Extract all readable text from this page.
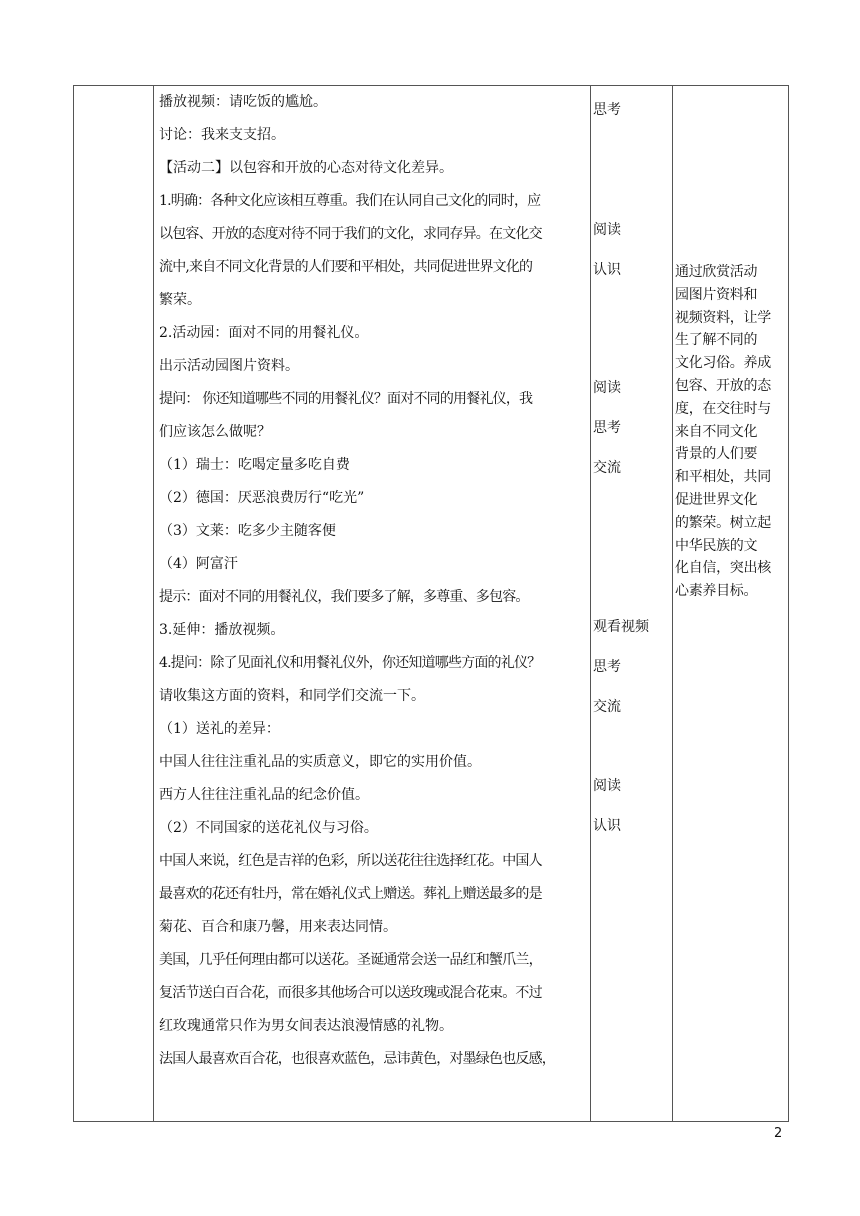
播放视频：请吃饭的尴尬。

讨论：我来支支招。

【活动二】以包容和开放的心态对待文化差异。

1.明确：各种文化应该相互尊重。我们在认同自己文化的同时，应

以包容、开放的态度对待不同于我们的文化，求同存异。在文化交

流中,来自不同文化背景的人们要和平相处，共同促进世界文化的

繁荣。

2.活动园：面对不同的用餐礼仪。

出示活动园图片资料。

提问： 你还知道哪些不同的用餐礼仪？面对不同的用餐礼仪，我

们应该怎么做呢？

（1）瑞士：吃喝定量多吃自费

（2）德国：厌恶浪费厉行“吃光”

（3）文莱：吃多少主随客便

（4）阿富汗

提示：面对不同的用餐礼仪，我们要多了解，多尊重、多包容。

3.延伸：播放视频。

4.提问：除了见面礼仪和用餐礼仪外，你还知道哪些方面的礼仪？

请收集这方面的资料，和同学们交流一下。

（1）送礼的差异：

中国人往往注重礼品的实质意义，即它的实用价值。

西方人往往注重礼品的纪念价值。

（2）不同国家的送花礼仪与习俗。

中国人来说，红色是吉祥的色彩，所以送花往往选择红花。中国人

最喜欢的花还有牡丹，常在婚礼仪式上赠送。葬礼上赠送最多的是

菊花、百合和康乃馨，用来表达同情。

美国，几乎任何理由都可以送花。圣诞通常会送一品红和蟹爪兰，

复活节送白百合花，而很多其他场合可以送玫瑰或混合花束。不过

红玫瑰通常只作为男女间表达浪漫情感的礼物。

法国人最喜欢百合花，也很喜欢蓝色，忌讳黄色，对墨绿色也反感，

思考

阅读

认识

阅读

思考

交流

观看视频

思考

交流

阅读

认识

通过欣赏活动
园图片资料和
视频资料，让学
生了解不同的
文化习俗。养成
包容、开放的态
度，在交往时与
来自不同文化
背景的人们要
和平相处，共同
促进世界文化
的繁荣。树立起
中华民族的文
化自信，突出核
心素养目标。
2
